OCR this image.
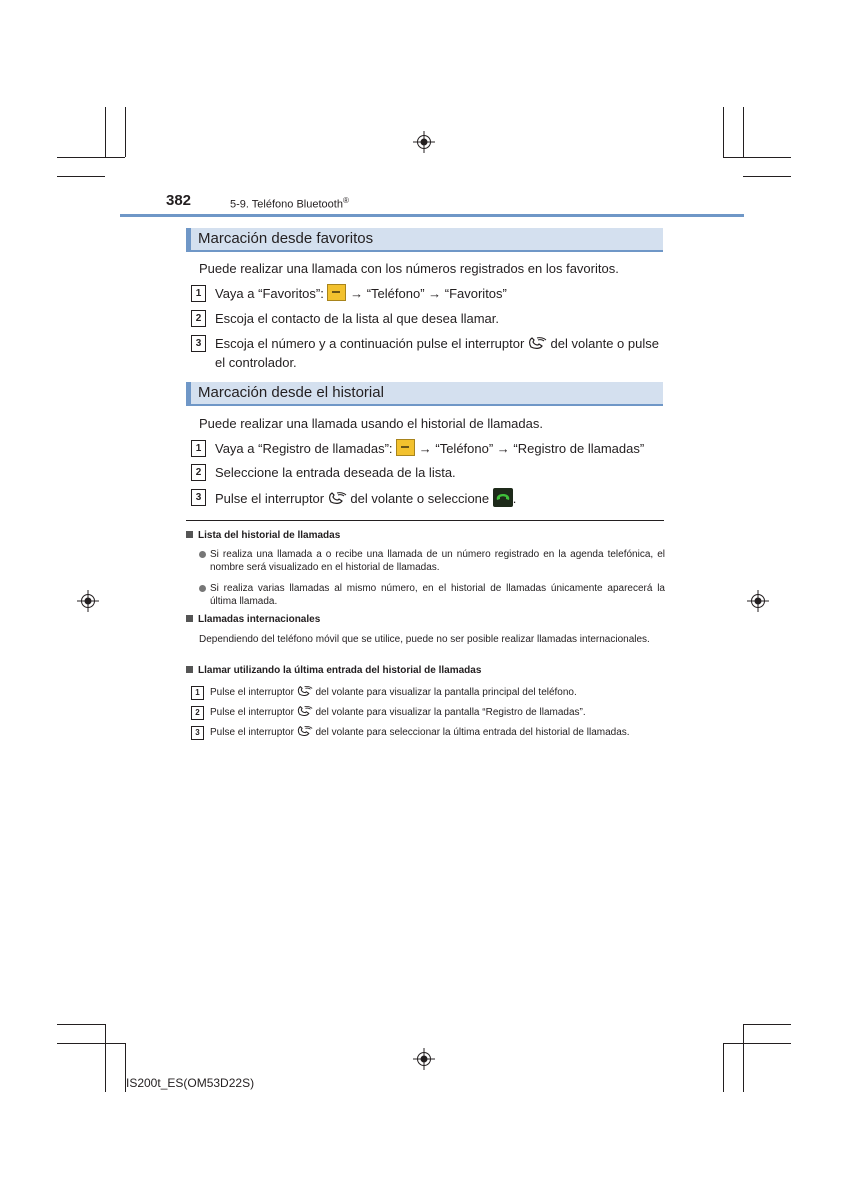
382	5-9. Teléfono Bluetooth®
Marcación desde favoritos
Puede realizar una llamada con los números registrados en los favoritos.
1	Vaya a “Favoritos”: → “Teléfono” → “Favoritos”
2	Escoja el contacto de la lista al que desea llamar.
3	Escoja el número y a continuación pulse el interruptor del volante o pulse el controlador.
Marcación desde el historial
Puede realizar una llamada usando el historial de llamadas.
1	Vaya a “Registro de llamadas”: → “Teléfono” → “Registro de llamadas”
2	Seleccione la entrada deseada de la lista.
3	Pulse el interruptor del volante o seleccione .
Lista del historial de llamadas
Si realiza una llamada a o recibe una llamada de un número registrado en la agenda telefónica, el nombre será visualizado en el historial de llamadas.
Si realiza varias llamadas al mismo número, en el historial de llamadas únicamente aparecerá la última llamada.
Llamadas internacionales
Dependiendo del teléfono móvil que se utilice, puede no ser posible realizar llamadas internacionales.
Llamar utilizando la última entrada del historial de llamadas
1	Pulse el interruptor del volante para visualizar la pantalla principal del teléfono.
2	Pulse el interruptor del volante para visualizar la pantalla “Registro de llamadas”.
3	Pulse el interruptor del volante para seleccionar la última entrada del historial de llamadas.
IS200t_ES(OM53D22S)
